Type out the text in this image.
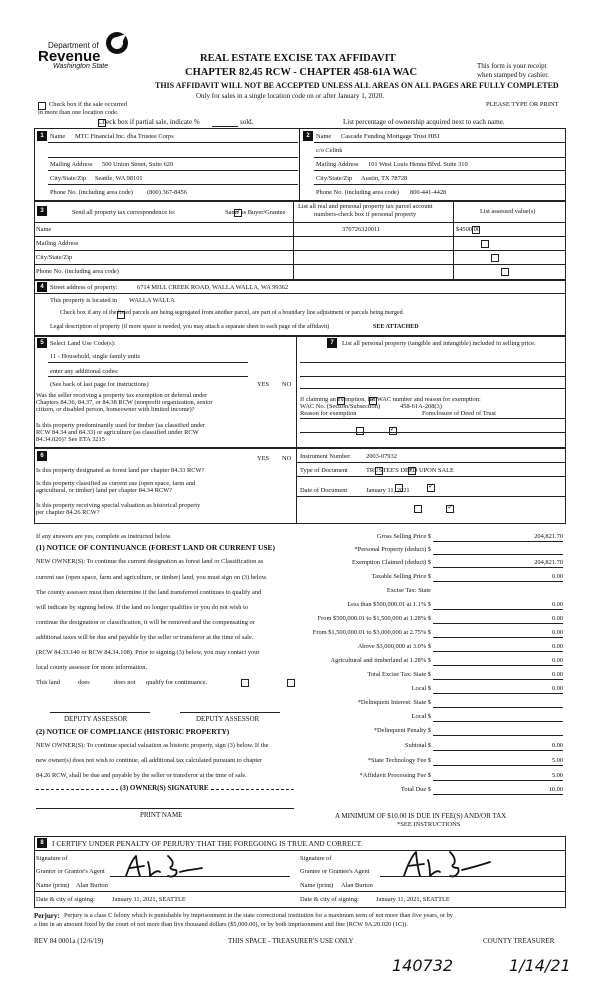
Department of
Revenue
Washington State
REAL ESTATE EXCISE TAX AFFIDAVIT
CHAPTER 82.45 RCW - CHAPTER 458-61A WAC
THIS AFFIDAVIT WILL NOT BE ACCEPTED UNLESS ALL AREAS ON ALL PAGES ARE FULLY COMPLETED
Only for sales in a single location code on or after January 1, 2020.
This form is your receipt
when stamped by cashier.
PLEASE TYPE OR PRINT

Check box if the sale occurred
in more than one location code.

Check box if partial sale, indicate %	sold.	List percentage of ownership acquired next to each name.
1 Name MTC Financial Inc. dba Trustee Corps
Mailing Address 500 Union Street, Suite 620
City/State/Zip Seattle, WA 98101
Phone No. (including area code) (800) 367-8456
2 Name Cascade Funding Mortgage Trust HB1
c/o Celink
Mailing Address 101 West Louis Henna Blvd. Suite 310
City/State/Zip Austin, TX 78728
Phone No. (including area code) 800-441-4428
3	Send all property tax correspondence to:
✓	Same as Buyer/Grantee
List all real and personal property tax parcel account
numbers-check box if personal property	List assessed value(s)
Name	370726320011
	$4500.00
Mailing Address

City/State/Zip

Phone No. (including area code)

4 Street address of property:	6714 MILL CREEK ROAD, WALLA WALLA, WA 99362
This property is located in WALLA WALLA

Check box if any of the listed parcels are being segregated from another parcel, are part of a boundary line adjustment or parcels being merged.
Legal description of property (if more space is needed, you may attach a separate sheet to each page of the affidavit)	SEE ATTACHED
5 Select Land Use Code(s):
11 - Household, single family units
enter any additional codes:
(See back of last page for instructions)	YES NO
Was the seller receiving a property tax exemption or deferral under
Chapters 84.36, 84.37, or 84.38 RCW (nonprofit organization, senior
citizen, or disabled person, homeowner with limited income)?
✓
Is this property predominantly used for timber (as classified under
RCW 84.34 and 84.33) or agriculture (as classified under RCW
84.34.020)? See ETA 3215
✓
7	List all personal property (tangible and intangible) included in selling price.
If claiming an exemption, list WAC number and reason for exemption:
WAC No. (Section/Subsection)	458-61A-208(3)
Reason for exemption	Foreclosure of Deed of Trust
6	YES NO
Is this property designated as forest land per chapter 84.33 RCW?
✓
Is this property classified as current use (open space, farm and
agricultural, or timber) land per chapter 84.34 RCW?
✓
Is this property receiving special valuation as historical property
per chapter 84.26 RCW?
✓
Instrument Number 2003-07932
Type of Document	TRUSTEE'S DEED UPON SALE
Date of Document	January 11, 2021
If any answers are yes, complete as instructed below.
(1) NOTICE OF CONTINUANCE (FOREST LAND OR CURRENT USE)
NEW OWNER(S): To continue the current designation as forest land or Classification as
current use (open space, farm and agriculture, or timber) land, you must sign on (3) below.
The county assessor must then determine if the land transferred continues to qualify and
will indicate by signing below. If the land no longer qualifies or you do not wish to
continue the designation or classification, it will be removed and the compensating or
additional taxes will be due and payable by the seller or transferor at the time of sale.
(RCW 84.33.140 or RCW 84.34.108). Prior to signing (3) below, you may contact your
local county assessor for more information.
This land
	does	does not qualify for continuance.
DEPUTY ASSESSOR	DEPUTY ASSESSOR
(2) NOTICE OF COMPLIANCE (HISTORIC PROPERTY)
NEW OWNER(S): To continue special valuation as historic property, sign (3) below. If the
new owner(s) does not wish to continue, all additional tax calculated pursuant to chapter
84.26 RCW, shall be due and payable by the seller or transferor at the time of sale.
(3) OWNER(S) SIGNATURE
PRINT NAME
Gross Selling Price $	204,821.70
*Personal Property (deduct) $
Exemption Claimed (deduct) $	204,821.70
Taxable Selling Price $	0.00
Excise Tax: State
Less than $500,000.01 at 1.1% $	0.00
From $500,000.01 to $1,500,000 at 1.28% $	0.00
From $1,500,000.01 to $3,000,000 at 2.75% $	0.00
Above $3,000,000 at 3.0% $	0.00
Agricultural and timberland at 1.28% $	0.00
Total Excise Tax: State $	0.00
Local $	0.00
*Delinquent Interest: State $
Local $
*Delinquent Penalty $
Subtotal $	0.00
*State Technology Fee $	5.00
*Affidavit Processing Fee $	5.00
Total Due $	10.00
A MINIMUM OF $10.00 IS DUE IN FEE(S) AND/OR TAX
*SEE INSTRUCTIONS
8	I CERTIFY UNDER PENALTY OF PERJURY THAT THE FOREGOING IS TRUE AND CORRECT.
Signature of
Grantor or Grantor's Agent
Name (print) Alan Burton
Date & city of signing:	January 11, 2021, SEATTLE
Signature of
Grantee or Grantee's Agent
Name (print) Alan Burton
Date & city of signing:	January 11, 2021, SEATTLE
Perjury: Perjury is a class C felony which is punishable by imprisonment in the state correctional institution for a maximum term of not more than five years, or by
a fine in an amount fixed by the court of not more than five thousand dollars ($5,000.00), or by both imprisonment and fine (RCW 9A.20.020 (1C)).
REV 84 0001a (12/6/19)	THIS SPACE - TREASURER'S USE ONLY	COUNTY TREASURER
140732	1/14/21
